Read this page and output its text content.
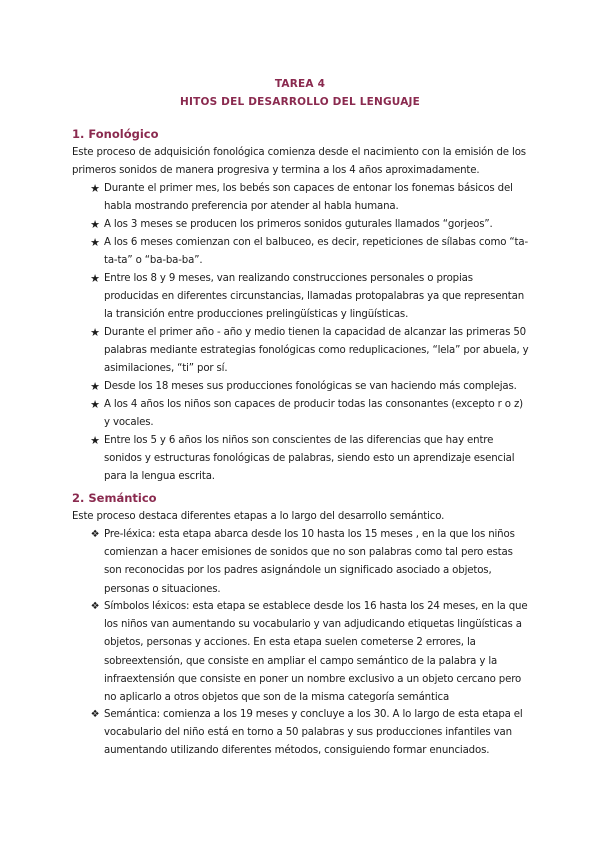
TAREA 4
HITOS DEL DESARROLLO DEL LENGUAJE
1. Fonológico
Este proceso de adquisición fonológica comienza desde el nacimiento con la emisión de los primeros sonidos de manera progresiva y termina a los 4 años aproximadamente.
★ Durante el primer mes, los bebés son capaces de entonar los fonemas básicos del habla mostrando preferencia por atender al habla humana.
★ A los 3 meses se producen los primeros sonidos guturales llamados “gorjeos”.
★ A los 6 meses comienzan con el balbuceo, es decir, repeticiones de sílabas como “ta-ta-ta” o “ba-ba-ba”.
★ Entre los 8 y 9 meses, van realizando construcciones personales o propias producidas en diferentes circunstancias, llamadas protopalabras ya que representan la transición entre producciones prelingüísticas y lingüísticas.
★ Durante el primer año - año y medio tienen la capacidad de alcanzar las primeras 50 palabras mediante estrategias fonológicas como reduplicaciones, “lela” por abuela, y asimilaciones, “ti” por sí.
★ Desde los 18 meses sus producciones fonológicas se van haciendo más complejas.
★ A los 4 años los niños son capaces de producir todas las consonantes (excepto r o z) y vocales.
★ Entre los 5 y 6 años los niños son conscientes de las diferencias que hay entre sonidos y estructuras fonológicas de palabras, siendo esto un aprendizaje esencial para la lengua escrita.
2. Semántico
Este proceso destaca diferentes etapas a lo largo del desarrollo semántico.
❖ Pre-léxica: esta etapa abarca desde los 10 hasta los 15 meses , en la que los niños comienzan a hacer emisiones de sonidos que no son palabras como tal pero estas son reconocidas por los padres asignándole un significado asociado a objetos, personas o situaciones.
❖ Símbolos léxicos: esta etapa se establece desde los 16 hasta los 24 meses, en la que los niños van aumentando su vocabulario y van adjudicando etiquetas lingüísticas a objetos, personas y acciones. En esta etapa suelen cometerse 2 errores, la sobreextensión, que consiste en ampliar el campo semántico de la palabra y la infraextensión que consiste en poner un nombre exclusivo a un objeto cercano pero no aplicarlo a otros objetos que son de la misma categoría semántica
❖ Semántica: comienza a los 19 meses y concluye a los 30. A lo largo de esta etapa el vocabulario del niño está en torno a 50 palabras y sus producciones infantiles van aumentando utilizando diferentes métodos, consiguiendo formar enunciados.
